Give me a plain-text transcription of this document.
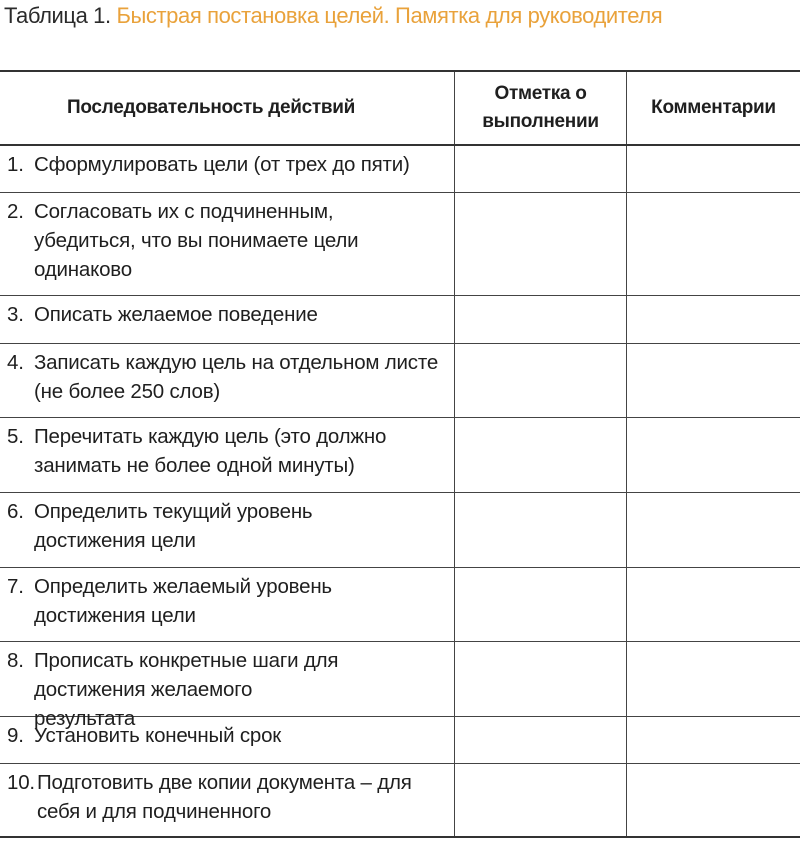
Таблица 1. Быстрая постановка целей. Памятка для руководителя
Последовательность действий
Отметка о выполнении
Комментарии
1. Сформулировать цели (от трех до пяти)
2. Согласовать их с подчиненным, убедиться, что вы понимаете цели одинаково
3. Описать желаемое поведение
4. Записать каждую цель на отдельном листе (не более 250 слов)
5. Перечитать каждую цель (это должно занимать не более одной минуты)
6. Определить текущий уровень достижения цели
7. Определить желаемый уровень достижения цели
8. Прописать конкретные шаги для достижения желаемого результата
9. Установить конечный срок
10. Подготовить две копии документа – для себя и для подчиненного
